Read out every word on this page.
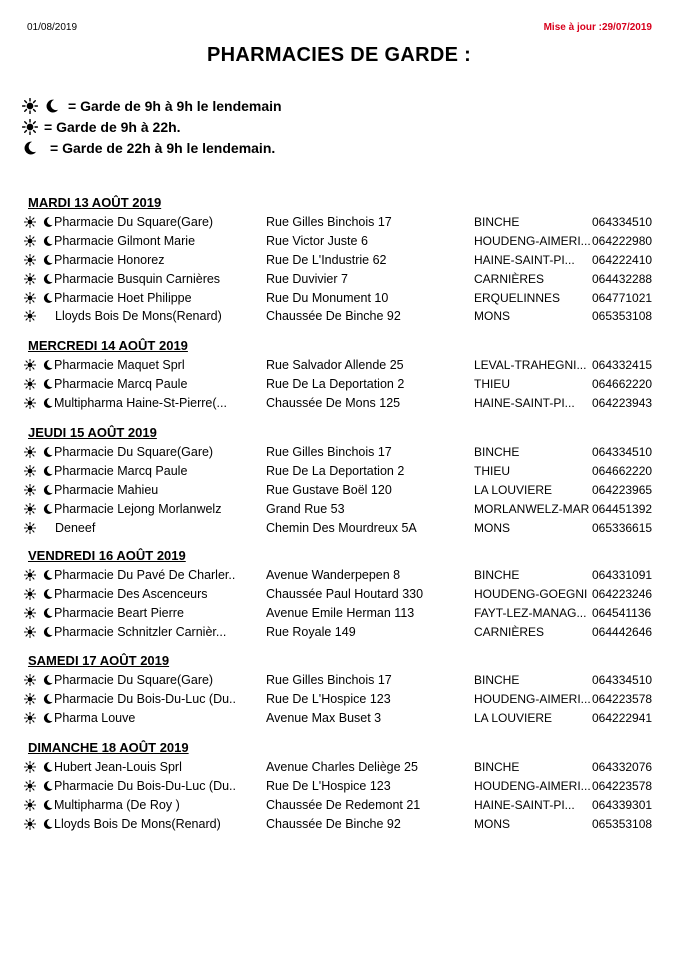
01/08/2019	Mise à jour :29/07/2019
PHARMACIES DE GARDE :
= Garde de 9h à 9h le lendemain
= Garde de 9h à 22h.
= Garde de 22h à 9h le lendemain.
MARDI 13 AOÛT 2019
Pharmacie Du Square(Gare)	Rue Gilles Binchois 17	BINCHE	064334510
Pharmacie Gilmont Marie	Rue Victor Juste 6	HOUDENG-AIMERI... 064222980
Pharmacie Honorez	Rue De L'Industrie 62	HAINE-SAINT-PI...	064222410
Pharmacie Busquin Carnières	Rue Duvivier 7	CARNIÈRES	064432288
Pharmacie Hoet Philippe	Rue Du Monument 10	ERQUELINNES	064771021
Lloyds Bois De Mons(Renard)	Chaussée De Binche 92	MONS	065353108
MERCREDI 14 AOÛT 2019
Pharmacie Maquet Sprl	Rue Salvador Allende 25	LEVAL-TRAHEGNI... 064332415
Pharmacie Marcq Paule	Rue De La Deportation 2	THIEU	064662220
Multipharma Haine-St-Pierre(...	Chaussée De Mons 125	HAINE-SAINT-PI...	064223943
JEUDI 15 AOÛT 2019
Pharmacie Du Square(Gare)	Rue Gilles Binchois 17	BINCHE	064334510
Pharmacie Marcq Paule	Rue De La Deportation 2	THIEU	064662220
Pharmacie Mahieu	Rue Gustave Boël 120	LA LOUVIERE	064223965
Pharmacie Lejong Morlanwelz	Grand Rue 53	MORLANWELZ-MAR 064451392
Deneef	Chemin Des Mourdreux 5A	MONS	065336615
VENDREDI 16 AOÛT 2019
Pharmacie Du Pavé De Charler..	Avenue Wanderpepen 8	BINCHE	064331091
Pharmacie Des Ascenceurs	Chaussée Paul Houtard 330	HOUDENG-GOEGNI 064223246
Pharmacie Beart Pierre	Avenue Emile Herman 113	FAYT-LEZ-MANAG... 064541136
Pharmacie Schnitzler Carnièr...	Rue Royale 149	CARNIÈRES	064442646
SAMEDI 17 AOÛT 2019
Pharmacie Du Square(Gare)	Rue Gilles Binchois 17	BINCHE	064334510
Pharmacie Du Bois-Du-Luc (Du..	Rue De L'Hospice 123	HOUDENG-AIMERI... 064223578
Pharma Louve	Avenue Max Buset 3	LA LOUVIERE	064222941
DIMANCHE 18 AOÛT 2019
Hubert Jean-Louis Sprl	Avenue Charles Deliège 25	BINCHE	064332076
Pharmacie Du Bois-Du-Luc (Du..	Rue De L'Hospice 123	HOUDENG-AIMERI... 064223578
Multipharma (De Roy )	Chaussée De Redemont 21	HAINE-SAINT-PI...	064339301
Lloyds Bois De Mons(Renard)	Chaussée De Binche 92	MONS	065353108
